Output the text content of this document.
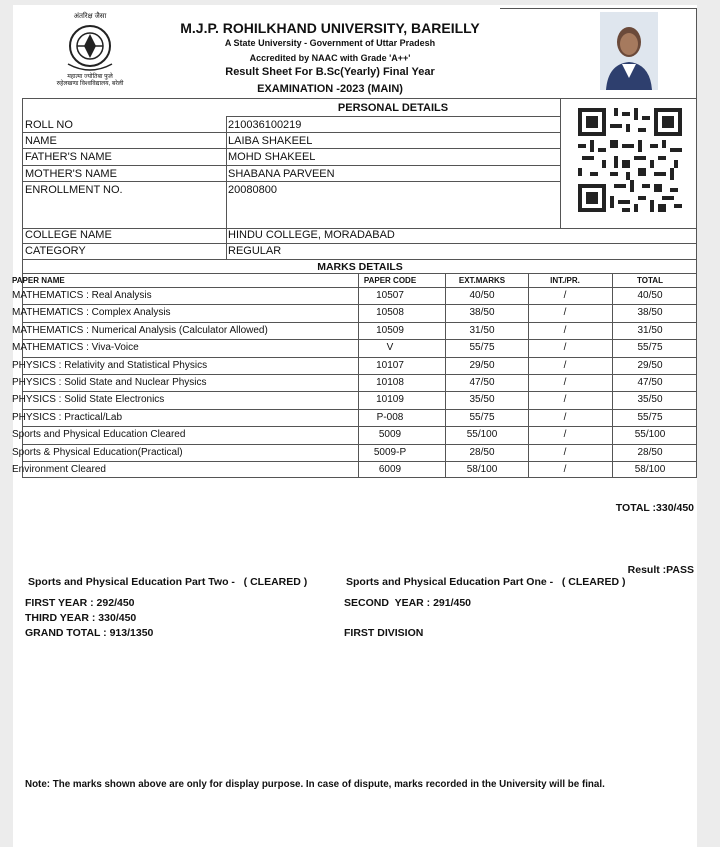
अंतरिक्ष जैसा
महात्मा ज्योतिबा फुले
रुहेलखण्ड विश्वविद्यालय, बरेली
M.J.P. ROHILKHAND UNIVERSITY, BAREILLY
A State University - Government of Uttar Pradesh
Accredited by NAAC with Grade 'A++'
Result Sheet For B.Sc(Yearly) Final Year
EXAMINATION -2023 (MAIN)
PERSONAL DETAILS
ROLL NO	210036100219
NAME	LAIBA SHAKEEL
FATHER'S NAME	MOHD SHAKEEL
MOTHER'S NAME	SHABANA PARVEEN
ENROLLMENT NO.	20080800
COLLEGE NAME	HINDU COLLEGE, MORADABAD
CATEGORY	REGULAR
MARKS DETAILS
PAPER NAME	PAPER CODE	EXT.MARKS	INT./PR.	TOTAL
MATHEMATICS : Real Analysis	10507	40/50	/	40/50
MATHEMATICS : Complex Analysis	10508	38/50	/	38/50
MATHEMATICS : Numerical Analysis (Calculator Allowed)	10509	31/50	/	31/50
MATHEMATICS : Viva-Voice	V	55/75	/	55/75
PHYSICS : Relativity and Statistical Physics	10107	29/50	/	29/50
PHYSICS : Solid State and Nuclear Physics	10108	47/50	/	47/50
PHYSICS : Solid State Electronics	10109	35/50	/	35/50
PHYSICS : Practical/Lab	P-008	55/75	/	55/75
Sports and Physical Education Cleared	5009	55/100	/	55/100
Sports & Physical Education(Practical)	5009-P	28/50	/	28/50
Environment Cleared	6009	58/100	/	58/100
TOTAL :330/450
Result :PASS
Sports and Physical Education Part Two -   ( CLEARED )	Sports and Physical Education Part One -   ( CLEARED )
FIRST YEAR : 292/450	SECOND  YEAR : 291/450
THIRD YEAR : 330/450
GRAND TOTAL : 913/1350	FIRST DIVISION
Note: The marks shown above are only for display purpose. In case of dispute, marks recorded in the University will be final.
